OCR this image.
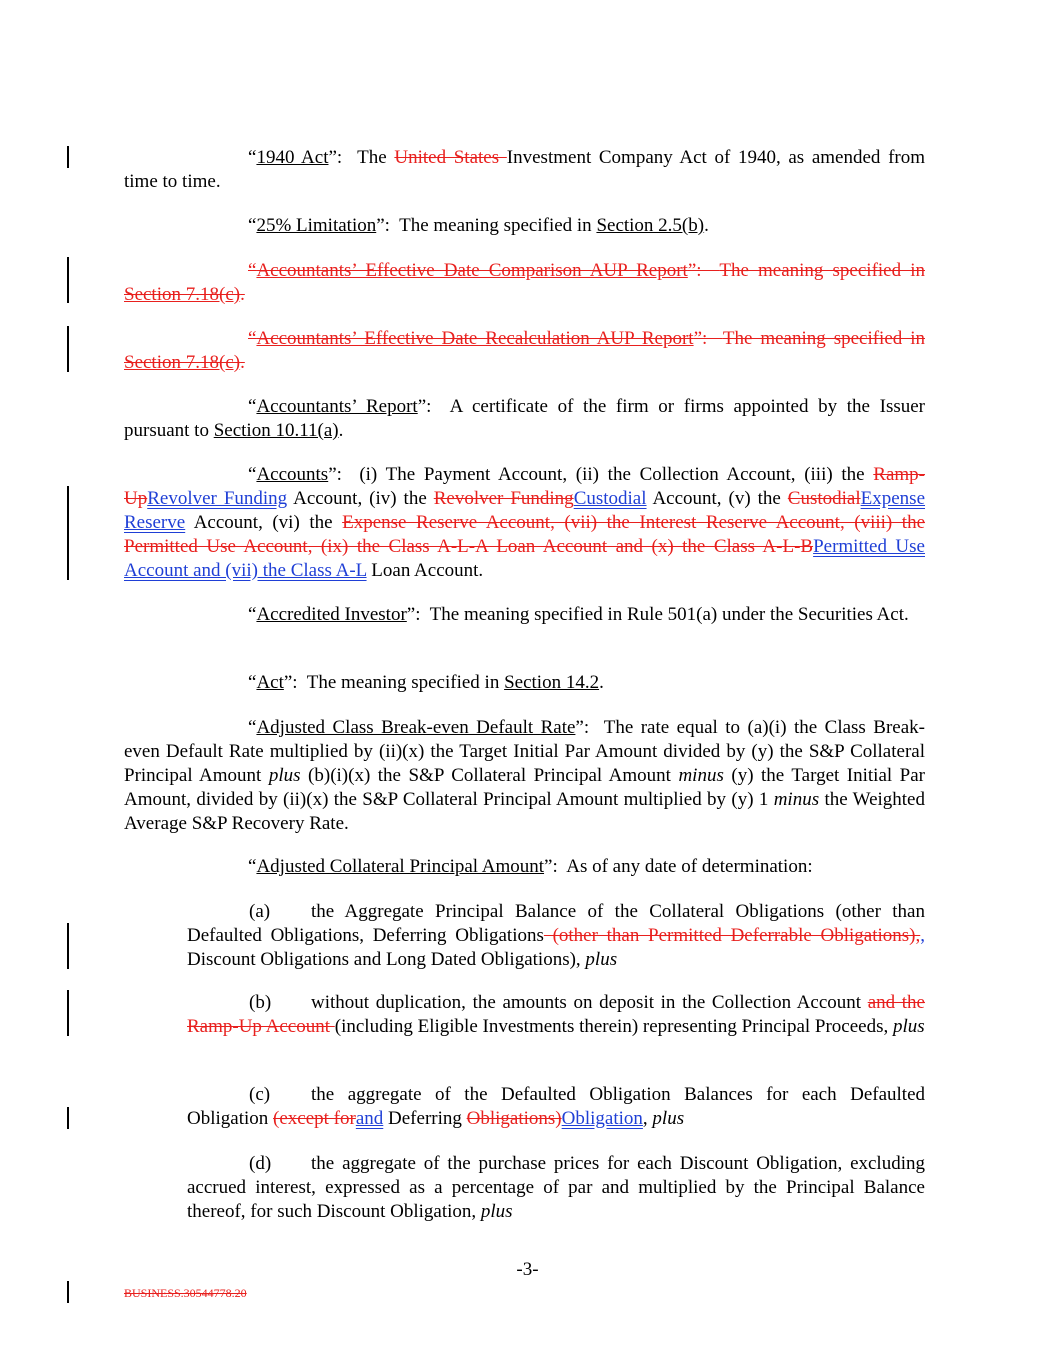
“1940 Act”:  The United States Investment Company Act of 1940, as amended from time to time.

“25% Limitation”:  The meaning specified in Section 2.5(b).

“Accountants’ Effective Date Comparison AUP Report”:  The meaning specified in Section 7.18(c).

“Accountants’ Effective Date Recalculation AUP Report”:  The meaning specified in Section 7.18(c).

“Accountants’ Report”:  A certificate of the firm or firms appointed by the Issuer pursuant to Section 10.11(a).

“Accounts”:  (i) The Payment Account, (ii) the Collection Account, (iii) the Ramp-UpRevolver Funding Account, (iv) the Revolver FundingCustodial Account, (v) the CustodialExpense Reserve Account, (vi) the Expense Reserve Account, (vii) the Interest Reserve Account, (viii) the Permitted Use Account, (ix) the Class A-L-A Loan Account and (x) the Class A-L-BPermitted Use Account and (vii) the Class A-L Loan Account.

“Accredited Investor”:  The meaning specified in Rule 501(a) under the Securities Act.

“Act”:  The meaning specified in Section 14.2.

“Adjusted Class Break-even Default Rate”:  The rate equal to (a)(i) the Class Break-even Default Rate multiplied by (ii)(x) the Target Initial Par Amount divided by (y) the S&P Collateral Principal Amount plus (b)(i)(x) the S&P Collateral Principal Amount minus (y) the Target Initial Par Amount, divided by (ii)(x) the S&P Collateral Principal Amount multiplied by (y) 1 minus the Weighted Average S&P Recovery Rate.

“Adjusted Collateral Principal Amount”:  As of any date of determination:

(a) the Aggregate Principal Balance of the Collateral Obligations (other than Defaulted Obligations, Deferring Obligations (other than Permitted Deferrable Obligations),, Discount Obligations and Long Dated Obligations), plus

(b) without duplication, the amounts on deposit in the Collection Account and the Ramp-Up Account (including Eligible Investments therein) representing Principal Proceeds, plus

(c) the aggregate of the Defaulted Obligation Balances for each Defaulted Obligation (except forand Deferring Obligations)Obligation, plus

(d) the aggregate of the purchase prices for each Discount Obligation, excluding accrued interest, expressed as a percentage of par and multiplied by the Principal Balance thereof, for such Discount Obligation, plus

-3-
BUSINESS.30544778.20
